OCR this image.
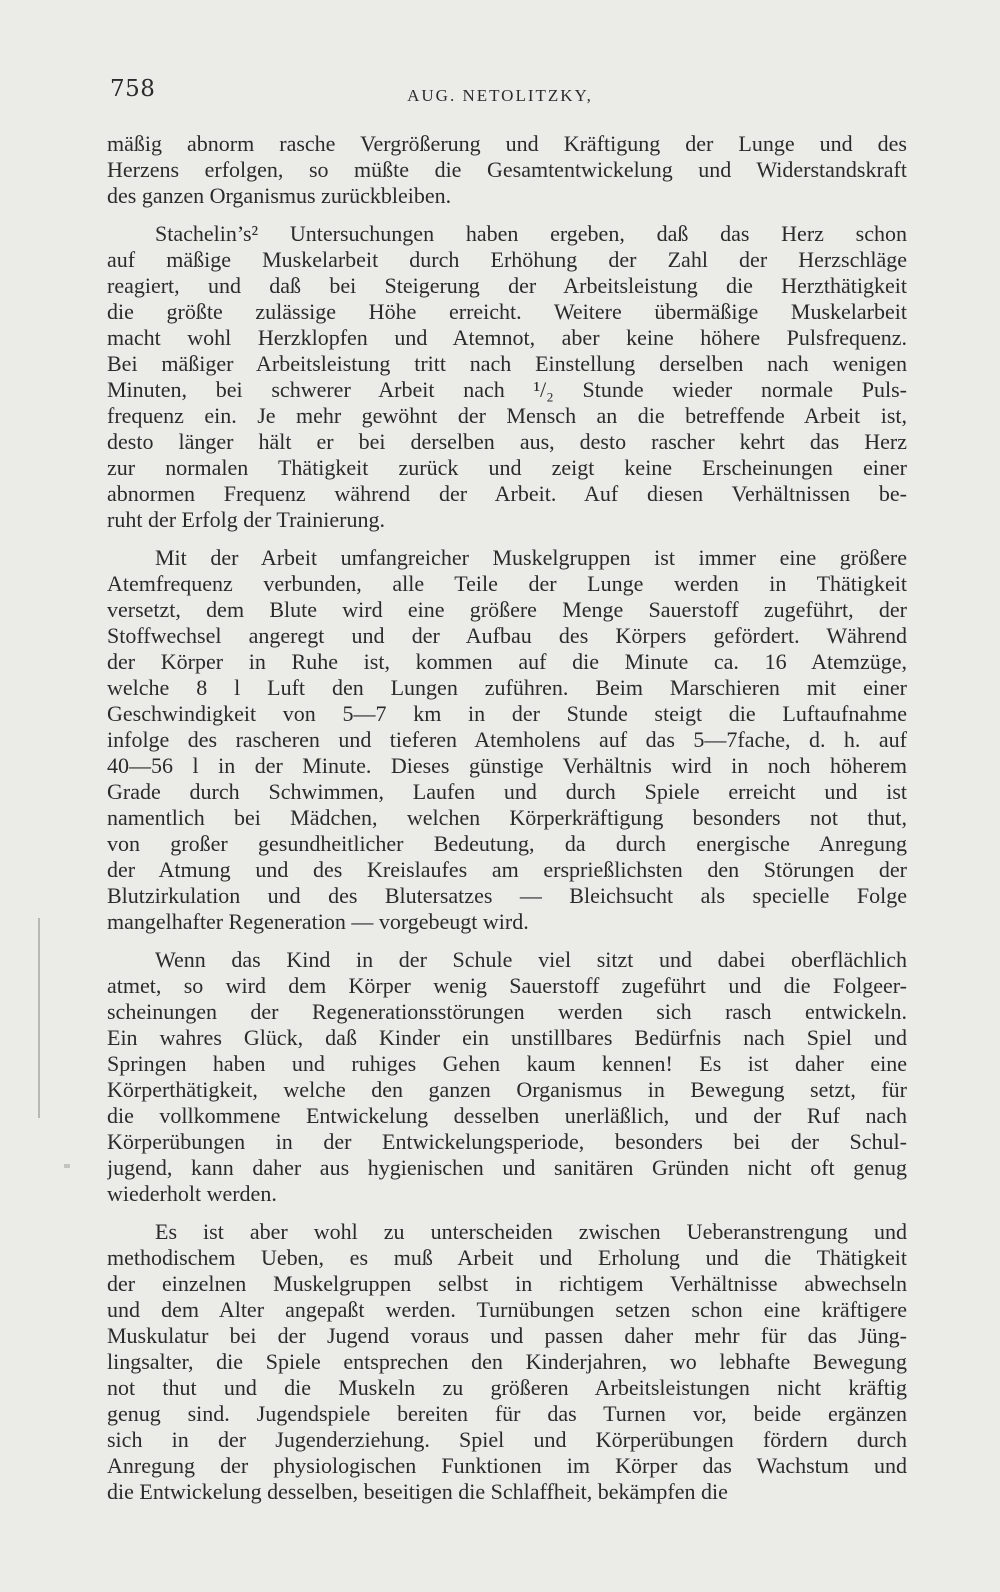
758	AUG. NETOLITZKY,
mäßig abnorm rasche Vergrößerung und Kräftigung der Lunge und des
Herzens erfolgen, so müßte die Gesamtentwickelung und Widerstandskraft
des ganzen Organismus zurückbleiben.
Stachelin’s² Untersuchungen haben ergeben, daß das Herz schon
auf mäßige Muskelarbeit durch Erhöhung der Zahl der Herzschläge
reagiert, und daß bei Steigerung der Arbeitsleistung die Herzthätigkeit
die größte zulässige Höhe erreicht. Weitere übermäßige Muskelarbeit
macht wohl Herzklopfen und Atemnot, aber keine höhere Pulsfrequenz.
Bei mäßiger Arbeitsleistung tritt nach Einstellung derselben nach wenigen
Minuten, bei schwerer Arbeit nach ¹/₂ Stunde wieder normale Puls-
frequenz ein. Je mehr gewöhnt der Mensch an die betreffende Arbeit ist,
desto länger hält er bei derselben aus, desto rascher kehrt das Herz
zur normalen Thätigkeit zurück und zeigt keine Erscheinungen einer
abnormen Frequenz während der Arbeit. Auf diesen Verhältnissen be-
ruht der Erfolg der Trainierung.
Mit der Arbeit umfangreicher Muskelgruppen ist immer eine größere
Atemfrequenz verbunden, alle Teile der Lunge werden in Thätigkeit
versetzt, dem Blute wird eine größere Menge Sauerstoff zugeführt, der
Stoffwechsel angeregt und der Aufbau des Körpers gefördert. Während
der Körper in Ruhe ist, kommen auf die Minute ca. 16 Atemzüge,
welche 8 l Luft den Lungen zuführen. Beim Marschieren mit einer
Geschwindigkeit von 5—7 km in der Stunde steigt die Luftaufnahme
infolge des rascheren und tieferen Atemholens auf das 5—7fache, d. h. auf
40—56 l in der Minute. Dieses günstige Verhältnis wird in noch höherem
Grade durch Schwimmen, Laufen und durch Spiele erreicht und ist
namentlich bei Mädchen, welchen Körperkräftigung besonders not thut,
von großer gesundheitlicher Bedeutung, da durch energische Anregung
der Atmung und des Kreislaufes am ersprießlichsten den Störungen der
Blutzirkulation und des Blutersatzes — Bleichsucht als specielle Folge
mangelhafter Regeneration — vorgebeugt wird.
Wenn das Kind in der Schule viel sitzt und dabei oberflächlich
atmet, so wird dem Körper wenig Sauerstoff zugeführt und die Folgeer-
scheinungen der Regenerationsstörungen werden sich rasch entwickeln.
Ein wahres Glück, daß Kinder ein unstillbares Bedürfnis nach Spiel und
Springen haben und ruhiges Gehen kaum kennen! Es ist daher eine
Körperthätigkeit, welche den ganzen Organismus in Bewegung setzt, für
die vollkommene Entwickelung desselben unerläßlich, und der Ruf nach
Körperübungen in der Entwickelungsperiode, besonders bei der Schul-
jugend, kann daher aus hygienischen und sanitären Gründen nicht oft genug
wiederholt werden.
Es ist aber wohl zu unterscheiden zwischen Ueberanstrengung und
methodischem Ueben, es muß Arbeit und Erholung und die Thätigkeit
der einzelnen Muskelgruppen selbst in richtigem Verhältnisse abwechseln
und dem Alter angepaßt werden. Turnübungen setzen schon eine kräftigere
Muskulatur bei der Jugend voraus und passen daher mehr für das Jüng-
lingsalter, die Spiele entsprechen den Kinderjahren, wo lebhafte Bewegung
not thut und die Muskeln zu größeren Arbeitsleistungen nicht kräftig
genug sind. Jugendspiele bereiten für das Turnen vor, beide ergänzen
sich in der Jugenderziehung. Spiel und Körperübungen fördern durch
Anregung der physiologischen Funktionen im Körper das Wachstum und
die Entwickelung desselben, beseitigen die Schlaffheit, bekämpfen die
